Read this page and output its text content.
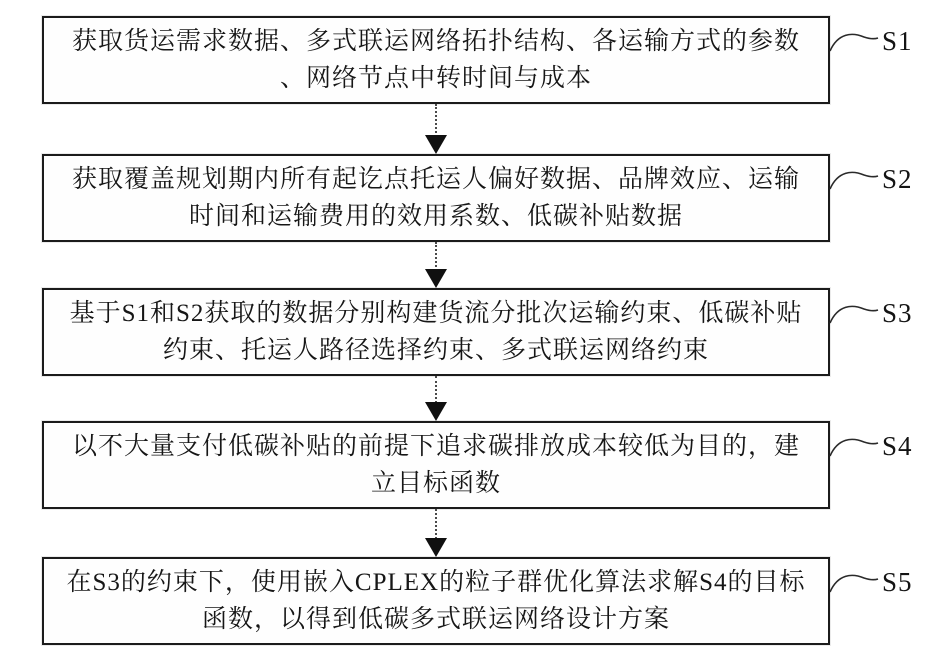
获取货运需求数据、多式联运网络拓扑结构、各运输方式的参数
、网络节点中转时间与成本
S1
获取覆盖规划期内所有起讫点托运人偏好数据、品牌效应、运输
时间和运输费用的效用系数、低碳补贴数据
S2
基于S1和S2获取的数据分别构建货流分批次运输约束、低碳补贴
约束、托运人路径选择约束、多式联运网络约束
S3
以不大量支付低碳补贴的前提下追求碳排放成本较低为目的，建
立目标函数
S4
在S3的约束下，使用嵌入CPLEX的粒子群优化算法求解S4的目标
函数，以得到低碳多式联运网络设计方案
S5
